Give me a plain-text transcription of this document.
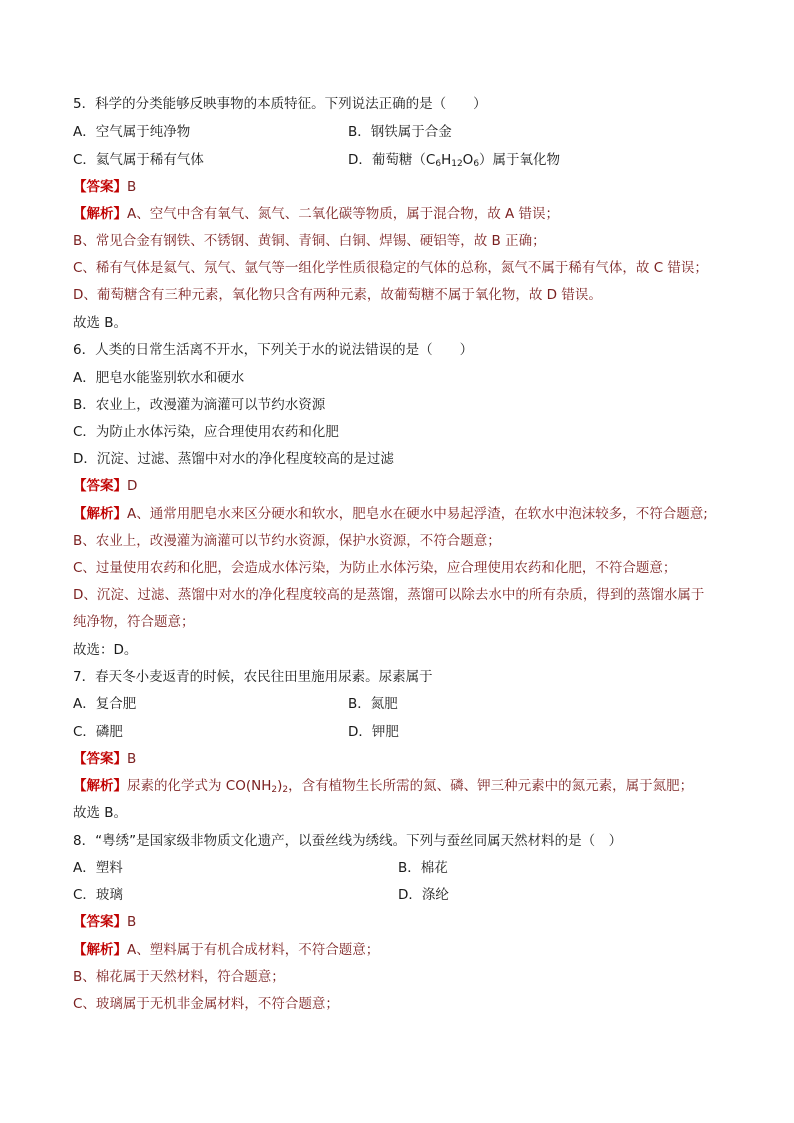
5．科学的分类能够反映事物的本质特征。下列说法正确的是（　　）
A．空气属于纯净物	B．钢铁属于合金
C．氦气属于稀有气体	D．葡萄糖$(C_6H_{12}O_6)$属于氧化物
【答案】B
【解析】A、空气中含有氧气、氮气、二氧化碳等物质，属于混合物，故 A 错误；
B、常见合金有钢铁、不锈钢、黄铜、青铜、白铜、焊锡、硬铝等，故 B 正确；
C、稀有气体是氦气、氖气、氩气等一组化学性质很稳定的气体的总称，氮气不属于稀有气体，故 C 错误；
D、葡萄糖含有三种元素，氧化物只含有两种元素，故葡萄糖不属于氧化物，故 D 错误。
故选 B。
6．人类的日常生活离不开水，下列关于水的说法错误的是（　　）
A．肥皂水能鉴别软水和硬水
B．农业上，改漫灌为滴灌可以节约水资源
C．为防止水体污染，应合理使用农药和化肥
D．沉淀、过滤、蒸馏中对水的净化程度较高的是过滤
【答案】D
【解析】A、通常用肥皂水来区分硬水和软水，肥皂水在硬水中易起浮渣，在软水中泡沫较多，不符合题意;
B、农业上，改漫灌为滴灌可以节约水资源，保护水资源，不符合题意；
C、过量使用农药和化肥，会造成水体污染，为防止水体污染，应合理使用农药和化肥，不符合题意；
D、沉淀、过滤、蒸馏中对水的净化程度较高的是蒸馏，蒸馏可以除去水中的所有杂质，得到的蒸馏水属于
纯净物，符合题意；
故选：D。
7．春天冬小麦返青的时候，农民往田里施用尿素。尿素属于
A．复合肥	B．氮肥
C．磷肥	D．钾肥
【答案】B
【解析】尿素的化学式为 $CO(NH_2)_2$，含有植物生长所需的氮、磷、钾三种元素中的氮元素，属于氮肥；
故选 B。
8．“粤绣”是国家级非物质文化遗产，以蚕丝线为绣线。下列与蚕丝同属天然材料的是（　）
A．塑料	B．棉花
C．玻璃	D．涤纶
【答案】B
【解析】A、塑料属于有机合成材料，不符合题意；
B、棉花属于天然材料，符合题意；
C、玻璃属于无机非金属材料，不符合题意；
